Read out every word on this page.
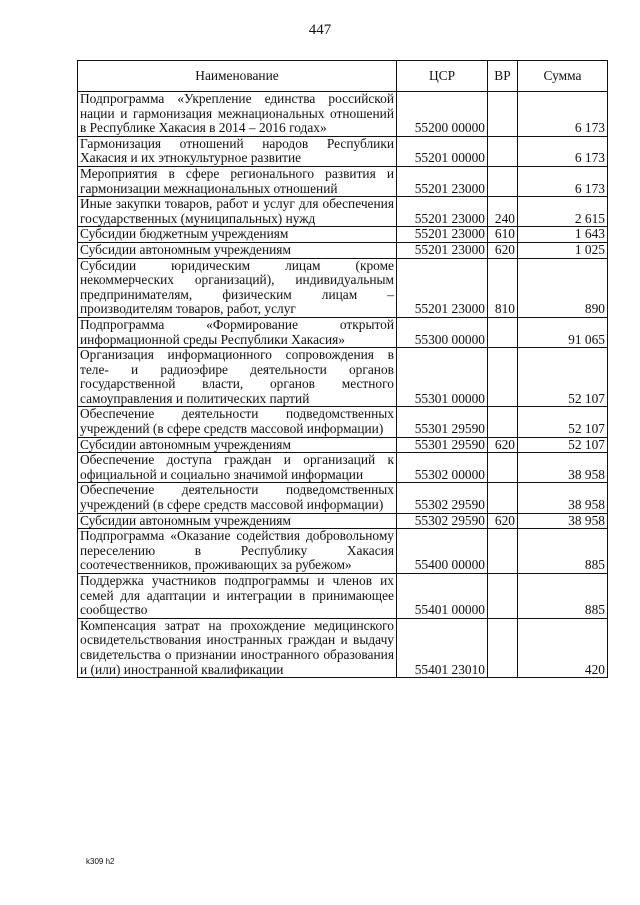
447
Наименование	ЦСР	ВР	Сумма
Подпрограмма «Укрепление единства российской нации и гармонизация межнациональных отношений в Республике Хакасия в 2014 – 2016 годах»	55200 00000		6 173
Гармонизация отношений народов Республики Хакасия и их этнокультурное развитие	55201 00000		6 173
Мероприятия в сфере регионального развития и гармонизации межнациональных отношений	55201 23000		6 173
Иные закупки товаров, работ и услуг для обеспечения государственных (муниципальных) нужд	55201 23000	240	2 615
Субсидии бюджетным учреждениям	55201 23000	610	1 643
Субсидии автономным учреждениям	55201 23000	620	1 025
Субсидии юридическим лицам (кроме некоммерческих организаций), индивидуальным предпринимателям, физическим лицам – производителям товаров, работ, услуг	55201 23000	810	890
Подпрограмма «Формирование открытой информационной среды Республики Хакасия»	55300 00000		91 065
Организация информационного сопровождения в теле- и радиоэфире деятельности органов государственной власти, органов местного самоуправления и политических партий	55301 00000		52 107
Обеспечение деятельности подведомственных учреждений (в сфере средств массовой информации)	55301 29590		52 107
Субсидии автономным учреждениям	55301 29590	620	52 107
Обеспечение доступа граждан и организаций к официальной и социально значимой информации	55302 00000		38 958
Обеспечение деятельности подведомственных учреждений (в сфере средств массовой информации)	55302 29590		38 958
Субсидии автономным учреждениям	55302 29590	620	38 958
Подпрограмма «Оказание содействия добровольному переселению в Республику Хакасия соотечественников, проживающих за рубежом»	55400 00000		885
Поддержка участников подпрограммы и членов их семей для адаптации и интеграции в принимающее сообщество	55401 00000		885
Компенсация затрат на прохождение медицинского освидетельствования иностранных граждан и выдачу свидетельства о признании иностранного образования и (или) иностранной квалификации	55401 23010		420
k309 h2
